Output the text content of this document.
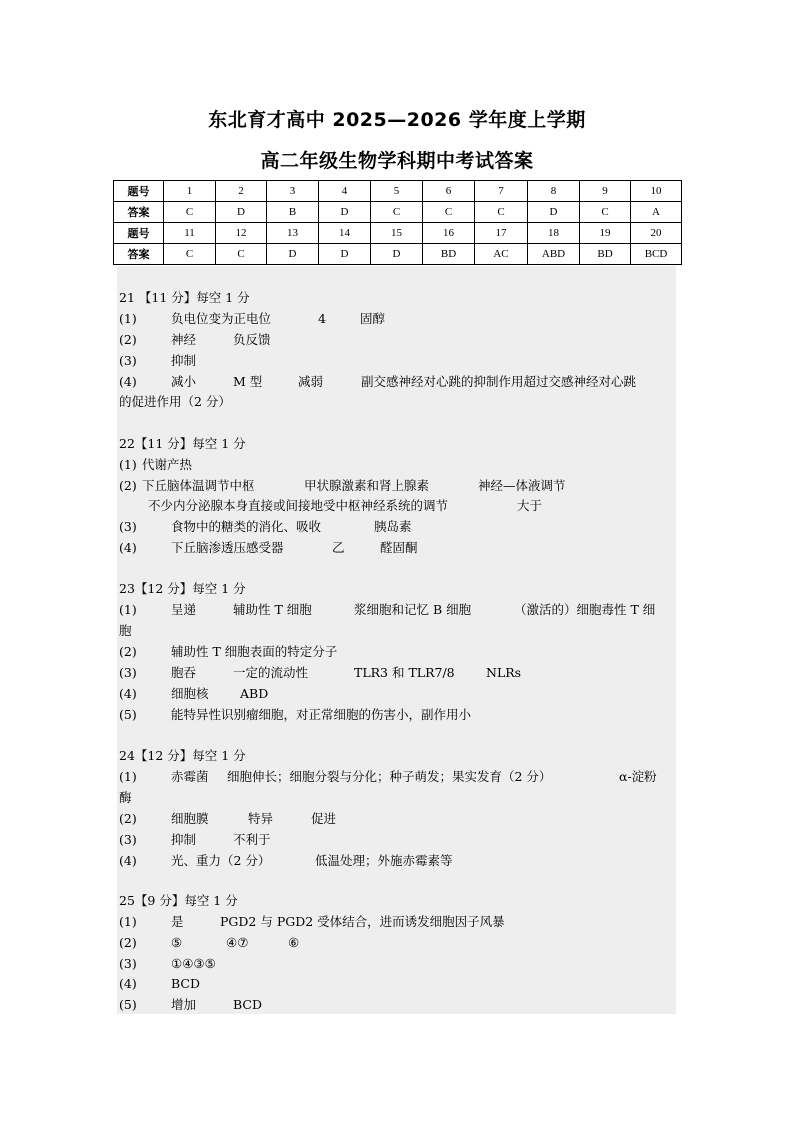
东北育才高中 2025—2026 学年度上学期
高二年级生物学科期中考试答案
题号	1	2	3	4	5	6	7	8	9	10
答案	C	D	B	D	C	C	C	D	C	A
题号	11	12	13	14	15	16	17	18	19	20
答案	C	C	D	D	D	BD	AC	ABD	BD	BCD
21 【11 分】每空 1 分
(1)	负电位变为正电位	4	固醇
(2)	神经	负反馈
(3)	抑制
(4)	减小	M 型	减弱	副交感神经对心跳的抑制作用超过交感神经对心跳
的促进作用（2 分）
22【11 分】每空 1 分
(1) 代谢产热
(2) 下丘脑体温调节中枢	甲状腺激素和肾上腺素	神经—体液调节
不少内分泌腺本身直接或间接地受中枢神经系统的调节	大于
(3)	食物中的糖类的消化、吸收	胰岛素
(4)	下丘脑渗透压感受器	乙	醛固酮
23【12 分】每空 1 分
(1)	呈递	辅助性 T 细胞	浆细胞和记忆 B 细胞	（激活的）细胞毒性 T 细
胞
(2)	辅助性 T 细胞表面的特定分子
(3)	胞吞	一定的流动性	TLR3 和 TLR7/8	NLRs
(4)	细胞核	ABD
(5)	能特异性识别瘤细胞，对正常细胞的伤害小，副作用小
24【12 分】每空 1 分
(1)	赤霉菌 细胞伸长；细胞分裂与分化；种子萌发；果实发育（2 分）	α-淀粉
酶
(2)	细胞膜	特异	促进
(3)	抑制	不利于
(4)	光、重力（2 分）	低温处理；外施赤霉素等
25【9 分】每空 1 分
(1)	是	PGD2 与 PGD2 受体结合，进而诱发细胞因子风暴
(2)	⑤	④⑦	⑥
(3)	①④③⑤
(4)	BCD
(5)	增加	BCD
